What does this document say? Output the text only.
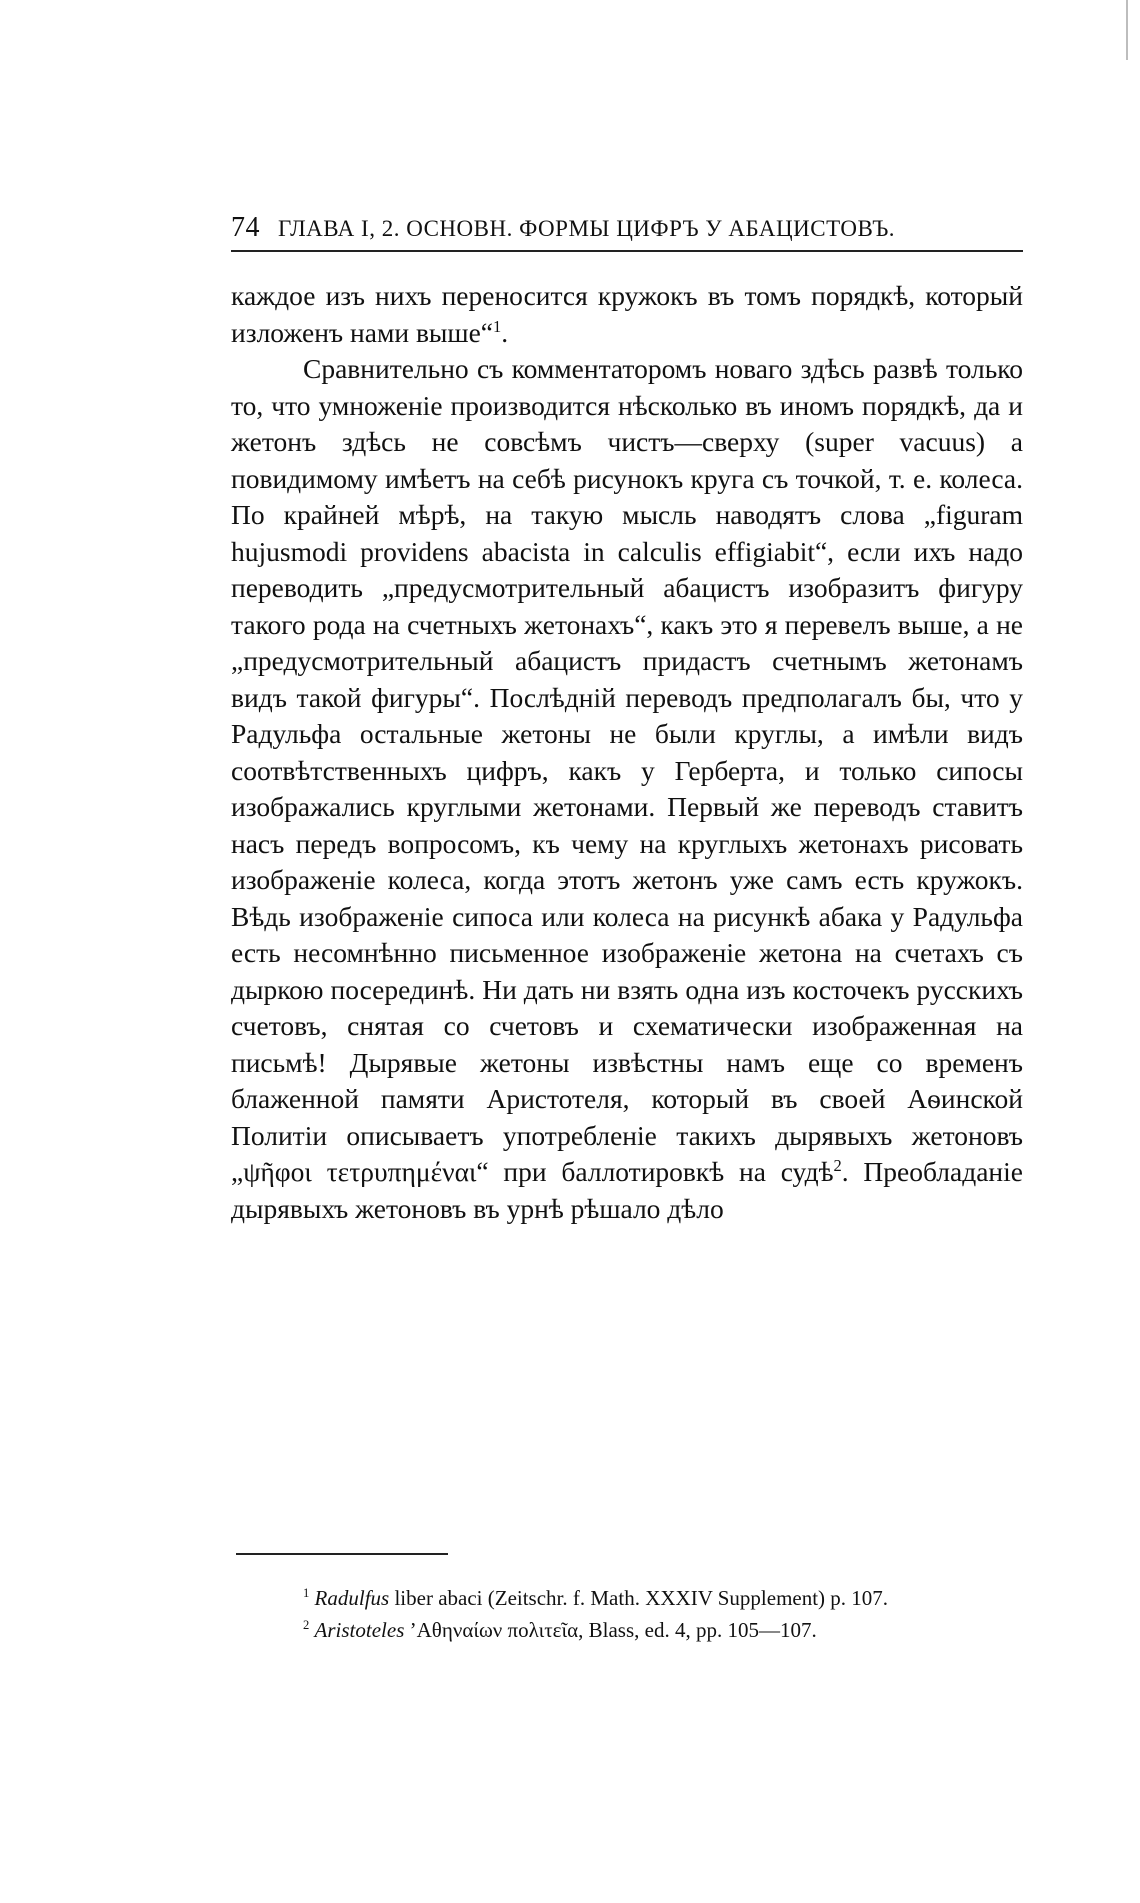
74 ГЛАВА I, 2. ОСНОВН. ФОРМЫ ЦИФРЪ У АБАЦИСТОВЪ.

каждое изъ нихъ переносится кружокъ въ томъ порядкѣ, который изложенъ нами выше“$^1$.

Сравнительно съ комментаторомъ новаго здѣсь развѣ только то, что умноженіе производится нѣсколько въ иномъ порядкѣ, да и жетонъ здѣсь не совсѣмъ чистъ—сверху (super vacuus) а повидимому имѣетъ на себѣ рисунокъ круга съ точкой, т. е. колеса. По крайней мѣрѣ, на такую мысль наводятъ слова „figuram hujusmodi providens abacista in calculis effigiabit“, если ихъ надо переводить „предусмотрительный абацистъ изобразитъ фигуру такого рода на счетныхъ жетонахъ“, какъ это я перевелъ выше, а не „предусмотрительный абацистъ придастъ счетнымъ жетонамъ видъ такой фигуры“. Послѣдній переводъ предполагалъ бы, что у Радульфа остальные жетоны не были круглы, а имѣли видъ соотвѣтственныхъ цифръ, какъ у Герберта, и только сипосы изображались круглыми жетонами. Первый же переводъ ставитъ насъ передъ вопросомъ, къ чему на круглыхъ жетонахъ рисовать изображеніе колеса, когда этотъ жетонъ уже самъ есть кружокъ. Вѣдь изображеніе сипоса или колеса на рисункѣ абака у Радульфа есть несомнѣнно письменное изображеніе жетона на счетахъ съ дыркою посерединѣ. Ни дать ни взять одна изъ косточекъ русскихъ счетовъ, снятая со счетовъ и схематически изображенная на письмѣ! Дырявые жетоны извѣстны намъ еще со временъ блаженной памяти Аристотеля, который въ своей Аѳинской Политіи описываетъ употребленіе такихъ дырявыхъ жетоновъ „ψῆφοι τετρυπημέναι“ при баллотировкѣ на судѣ$^2$. Преобладаніе дырявыхъ жетоновъ въ урнѣ рѣшало дѣло

$^1$ Radulfus liber abaci (Zeitschr. f. Math. XXXIV Supplement) p. 107.

$^2$ Aristoteles ’Αθηναίων πολιτεῖα, Blass, ed. 4, pp. 105—107.
